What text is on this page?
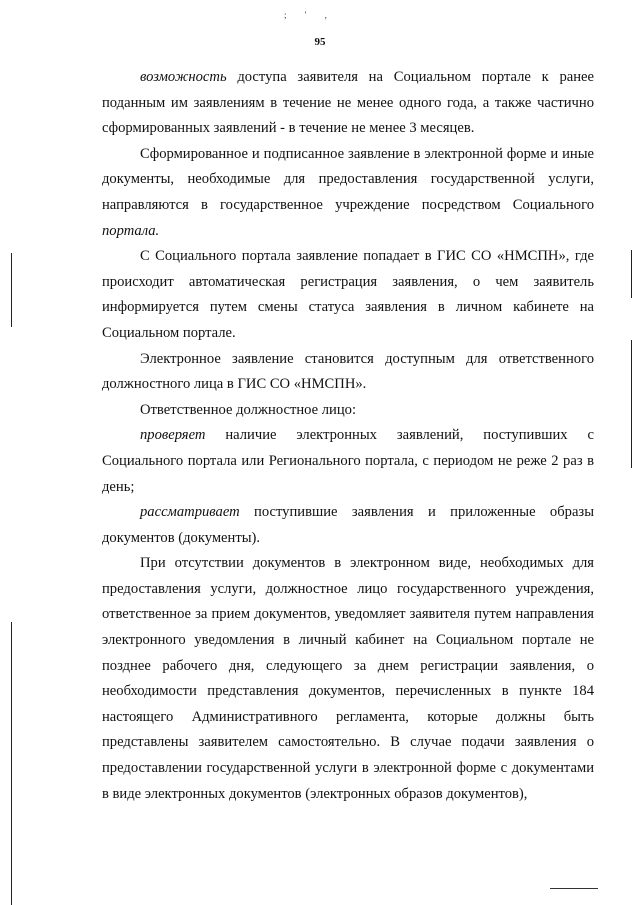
; ' ,
95

возможность доступа заявителя на Социальном портале к ранее поданным им заявлениям в течение не менее одного года, а также частично сформированных заявлений - в течение не менее 3 месяцев.

Сформированное и подписанное заявление в электронной форме и иные документы, необходимые для предоставления государственной услуги, направляются в государственное учреждение посредством Социального портала.

С Социального портала заявление попадает в ГИС СО «НМСПН», где происходит автоматическая регистрация заявления, о чем заявитель информируется путем смены статуса заявления в личном кабинете на Социальном портале.

Электронное заявление становится доступным для ответственного должностного лица в ГИС СО «НМСПН».

Ответственное должностное лицо:

проверяет наличие электронных заявлений, поступивших с Социального портала или Регионального портала, с периодом не реже 2 раз в день;

рассматривает поступившие заявления и приложенные образы документов (документы).

При отсутствии документов в электронном виде, необходимых для предоставления услуги, должностное лицо государственного учреждения, ответственное за прием документов, уведомляет заявителя путем направления электронного уведомления в личный кабинет на Социальном портале не позднее рабочего дня, следующего за днем регистрации заявления, о необходимости представления документов, перечисленных в пункте 184 настоящего Административного регламента, которые должны быть представлены заявителем самостоятельно. В случае подачи заявления о предоставлении государственной услуги в электронной форме с документами в виде электронных документов (электронных образов документов),
